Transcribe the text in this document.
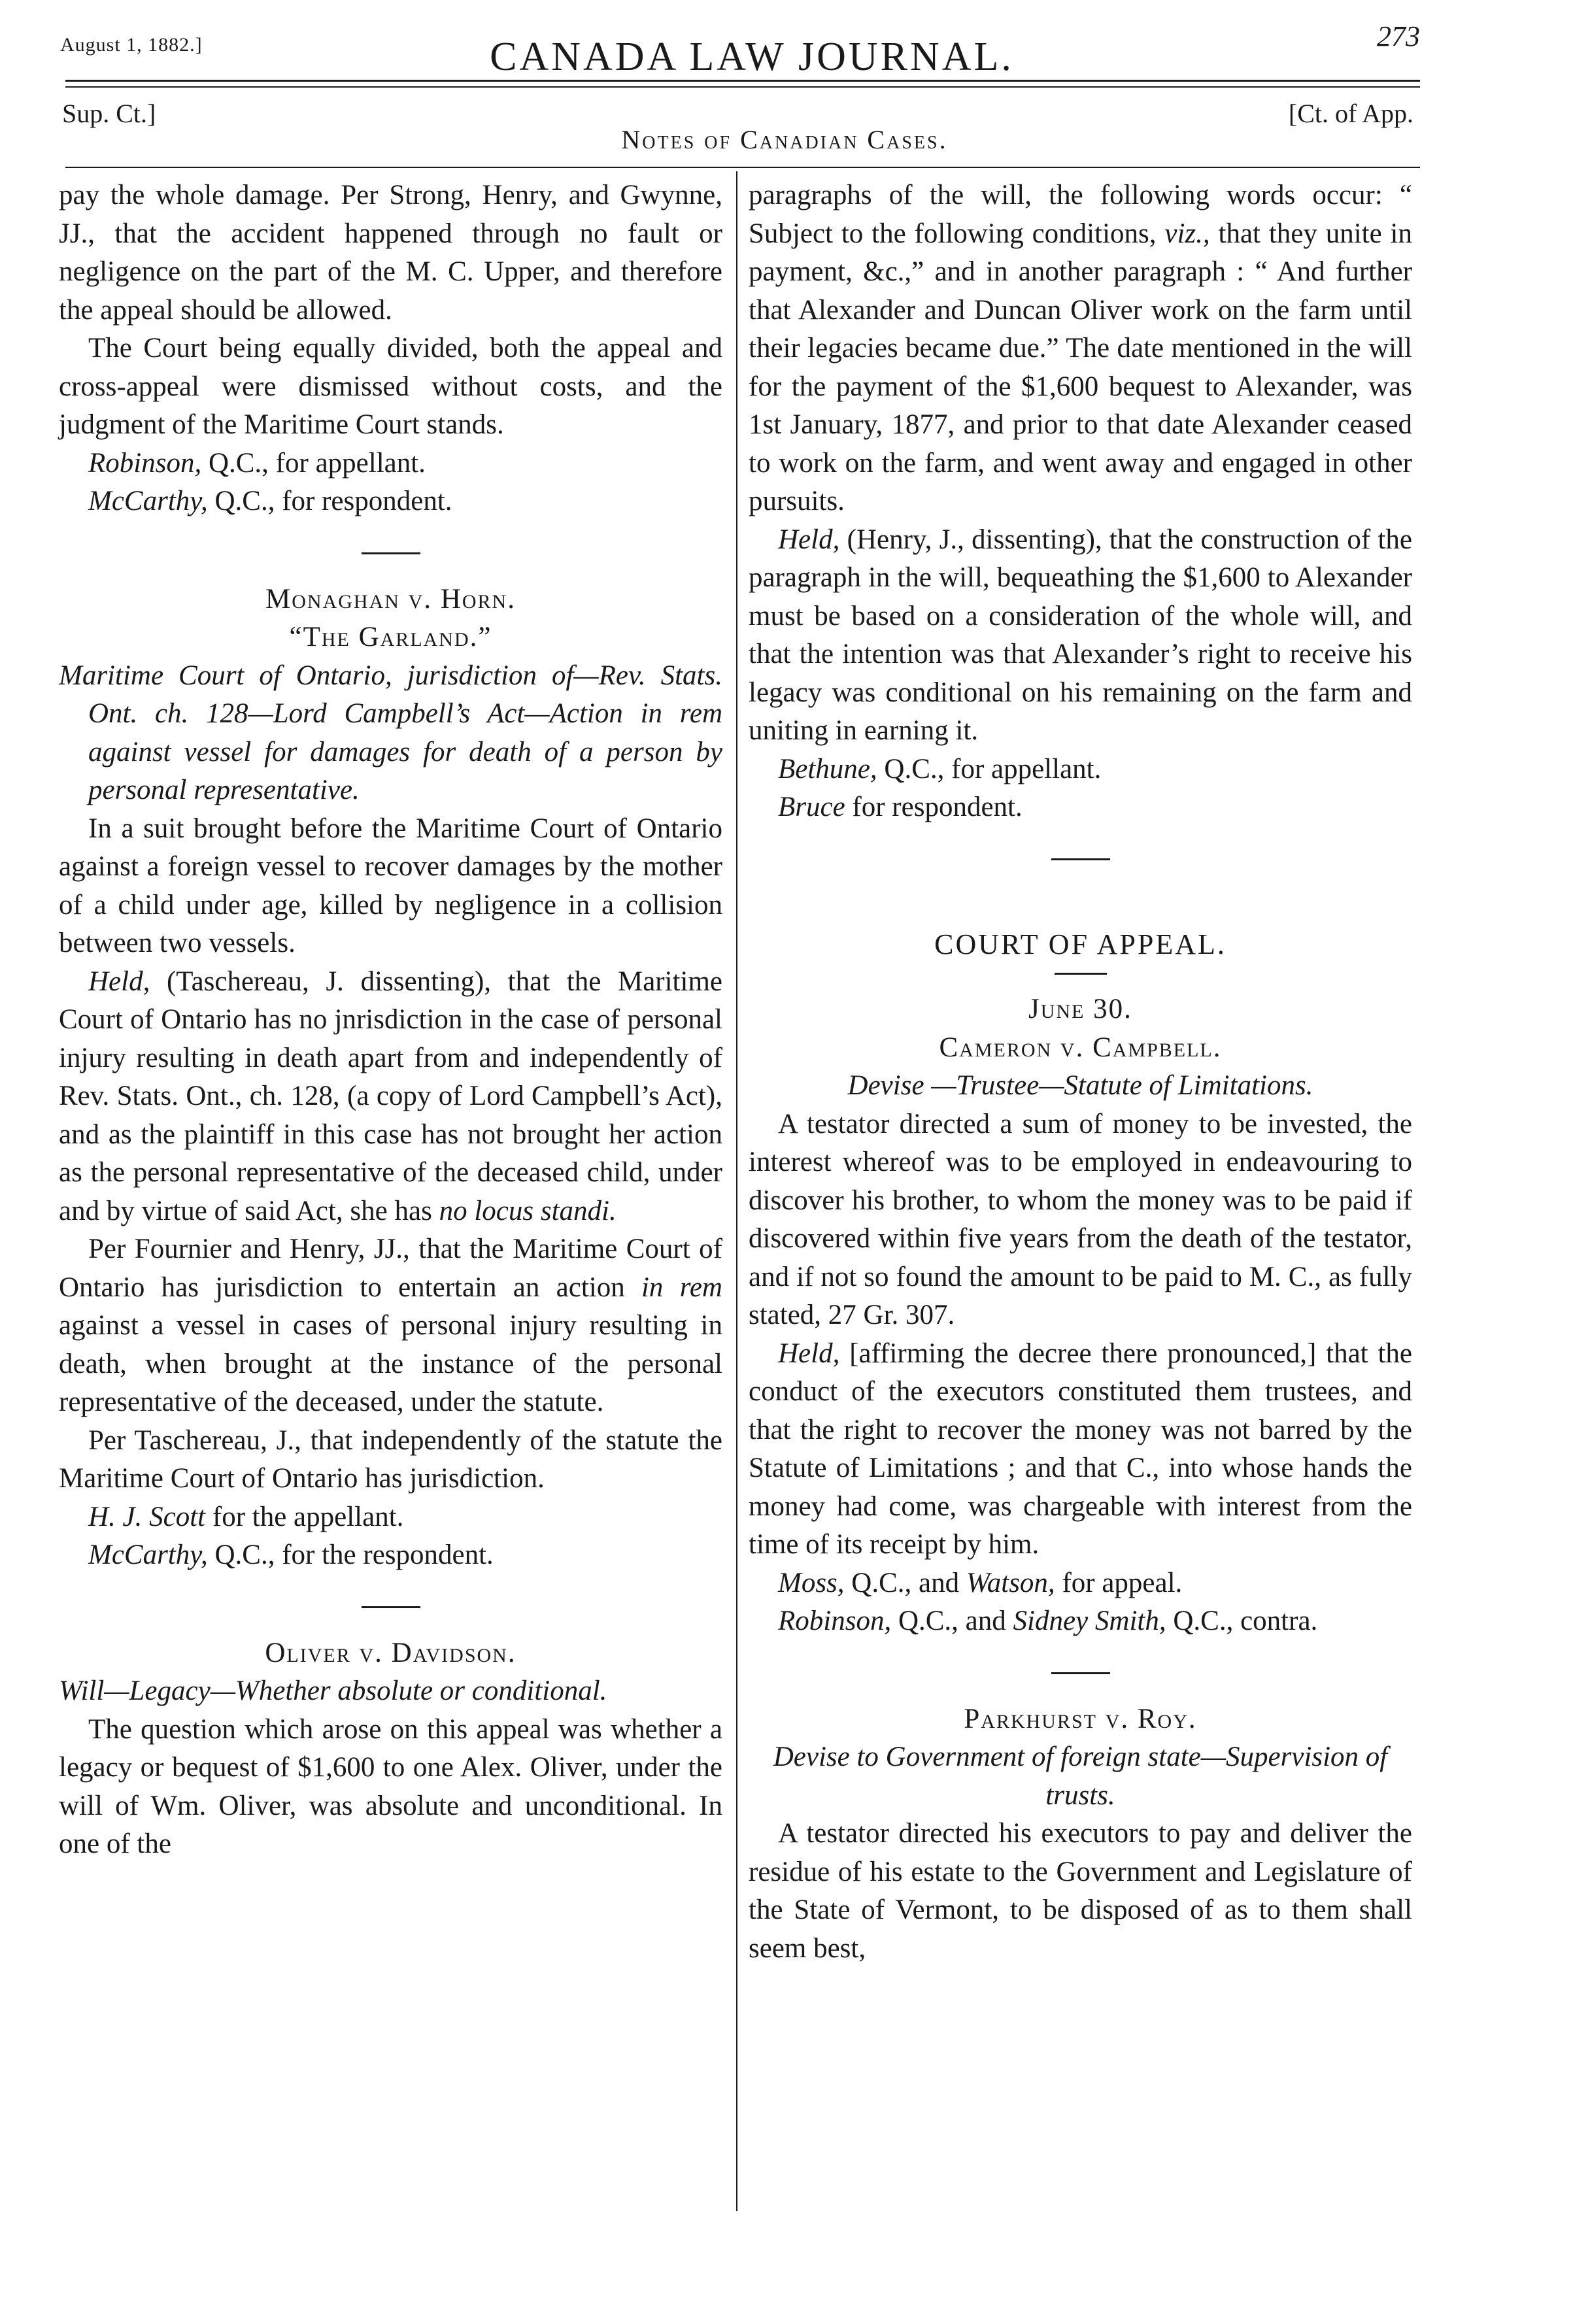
August 1, 1882.]	CANADA LAW JOURNAL.	273
Sup. Ct.]
Notes of Canadian Cases.
[Ct. of App.

pay the whole damage. Per Strong, Henry, and Gwynne, JJ., that the accident happened through no fault or negligence on the part of the M. C. Upper, and therefore the appeal should be allowed.

The Court being equally divided, both the appeal and cross-appeal were dismissed without costs, and the judgment of the Maritime Court stands.

Robinson, Q.C., for appellant.

McCarthy, Q.C., for respondent.

Monaghan v. Horn.

“The Garland.”

Maritime Court of Ontario, jurisdiction of—Rev. Stats. Ont. ch. 128—Lord Campbell’s Act—Action in rem against vessel for damages for death of a person by personal representative.

In a suit brought before the Maritime Court of Ontario against a foreign vessel to recover damages by the mother of a child under age, killed by negligence in a collision between two vessels.

Held, (Taschereau, J. dissenting), that the Maritime Court of Ontario has no jnrisdiction in the case of personal injury resulting in death apart from and independently of Rev. Stats. Ont., ch. 128, (a copy of Lord Campbell’s Act), and as the plaintiff in this case has not brought her action as the personal representative of the deceased child, under and by virtue of said Act, she has no locus standi.

Per Fournier and Henry, JJ., that the Maritime Court of Ontario has jurisdiction to entertain an action in rem against a vessel in cases of personal injury resulting in death, when brought at the instance of the personal representative of the deceased, under the statute.

Per Taschereau, J., that independently of the statute the Maritime Court of Ontario has jurisdiction.

H. J. Scott for the appellant.

McCarthy, Q.C., for the respondent.

Oliver v. Davidson.

Will—Legacy—Whether absolute or conditional.

The question which arose on this appeal was whether a legacy or bequest of $1,600 to one Alex. Oliver, under the will of Wm. Oliver, was absolute and unconditional. In one of the

paragraphs of the will, the following words occur: “ Subject to the following conditions, viz., that they unite in payment, &c.,” and in another paragraph : “ And further that Alexander and Duncan Oliver work on the farm until their legacies became due.” The date mentioned in the will for the payment of the $1,600 bequest to Alexander, was 1st January, 1877, and prior to that date Alexander ceased to work on the farm, and went away and engaged in other pursuits.

Held, (Henry, J., dissenting), that the construction of the paragraph in the will, bequeathing the $1,600 to Alexander must be based on a consideration of the whole will, and that the intention was that Alexander’s right to receive his legacy was conditional on his remaining on the farm and uniting in earning it.

Bethune, Q.C., for appellant.

Bruce for respondent.

COURT OF APPEAL.

June 30.

Cameron v. Campbell.

Devise —Trustee—Statute of Limitations.

A testator directed a sum of money to be invested, the interest whereof was to be employed in endeavouring to discover his brother, to whom the money was to be paid if discovered within five years from the death of the testator, and if not so found the amount to be paid to M. C., as fully stated, 27 Gr. 307.

Held, [affirming the decree there pronounced,] that the conduct of the executors constituted them trustees, and that the right to recover the money was not barred by the Statute of Limitations ; and that C., into whose hands the money had come, was chargeable with interest from the time of its receipt by him.

Moss, Q.C., and Watson, for appeal.

Robinson, Q.C., and Sidney Smith, Q.C., contra.

Parkhurst v. Roy.

Devise to Government of foreign state—Supervision of trusts.

A testator directed his executors to pay and deliver the residue of his estate to the Government and Legislature of the State of Vermont, to be disposed of as to them shall seem best,
